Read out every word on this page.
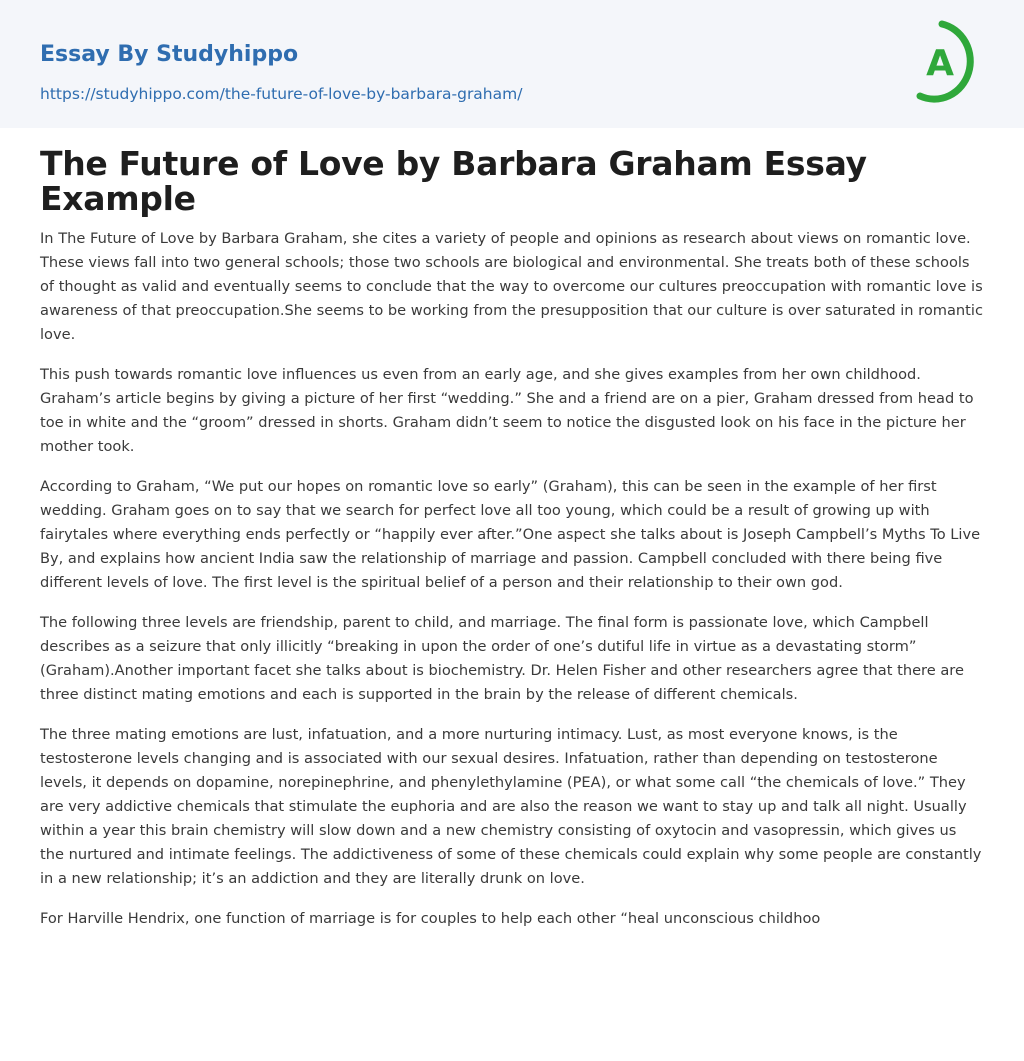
Essay By Studyhippo
https://studyhippo.com/the-future-of-love-by-barbara-graham/
A
The Future of Love by Barbara Graham Essay Example

In The Future of Love by Barbara Graham, she cites a variety of people and opinions as research about views on romantic love. These views fall into two general schools; those two schools are biological and environmental. She treats both of these schools of thought as valid and eventually seems to conclude that the way to overcome our cultures preoccupation with romantic love is awareness of that preoccupation.She seems to be working from the presupposition that our culture is over saturated in romantic love.

This push towards romantic love influences us even from an early age, and she gives examples from her own childhood. Graham’s article begins by giving a picture of her first “wedding.” She and a friend are on a pier, Graham dressed from head to toe in white and the “groom” dressed in shorts. Graham didn’t seem to notice the disgusted look on his face in the picture her mother took.

According to Graham, “We put our hopes on romantic love so early” (Graham), this can be seen in the example of her first wedding. Graham goes on to say that we search for perfect love all too young, which could be a result of growing up with fairytales where everything ends perfectly or “happily ever after.”One aspect she talks about is Joseph Campbell’s Myths To Live By, and explains how ancient India saw the relationship of marriage and passion. Campbell concluded with there being five different levels of love. The first level is the spiritual belief of a person and their relationship to their own god.

The following three levels are friendship, parent to child, and marriage. The final form is passionate love, which Campbell describes as a seizure that only illicitly “breaking in upon the order of one’s dutiful life in virtue as a devastating storm” (Graham).Another important facet she talks about is biochemistry. Dr. Helen Fisher and other researchers agree that there are three distinct mating emotions and each is supported in the brain by the release of different chemicals.

The three mating emotions are lust, infatuation, and a more nurturing intimacy. Lust, as most everyone knows, is the testosterone levels changing and is associated with our sexual desires. Infatuation, rather than depending on testosterone levels, it depends on dopamine, norepinephrine, and phenylethylamine (PEA), or what some call “the chemicals of love.” They are very addictive chemicals that stimulate the euphoria and are also the reason we want to stay up and talk all night. Usually within a year this brain chemistry will slow down and a new chemistry consisting of oxytocin and vasopressin, which gives us the nurtured and intimate feelings. The addictiveness of some of these chemicals could explain why some people are constantly in a new relationship; it’s an addiction and they are literally drunk on love.

For Harville Hendrix, one function of marriage is for couples to help each other “heal unconscious childhoo
